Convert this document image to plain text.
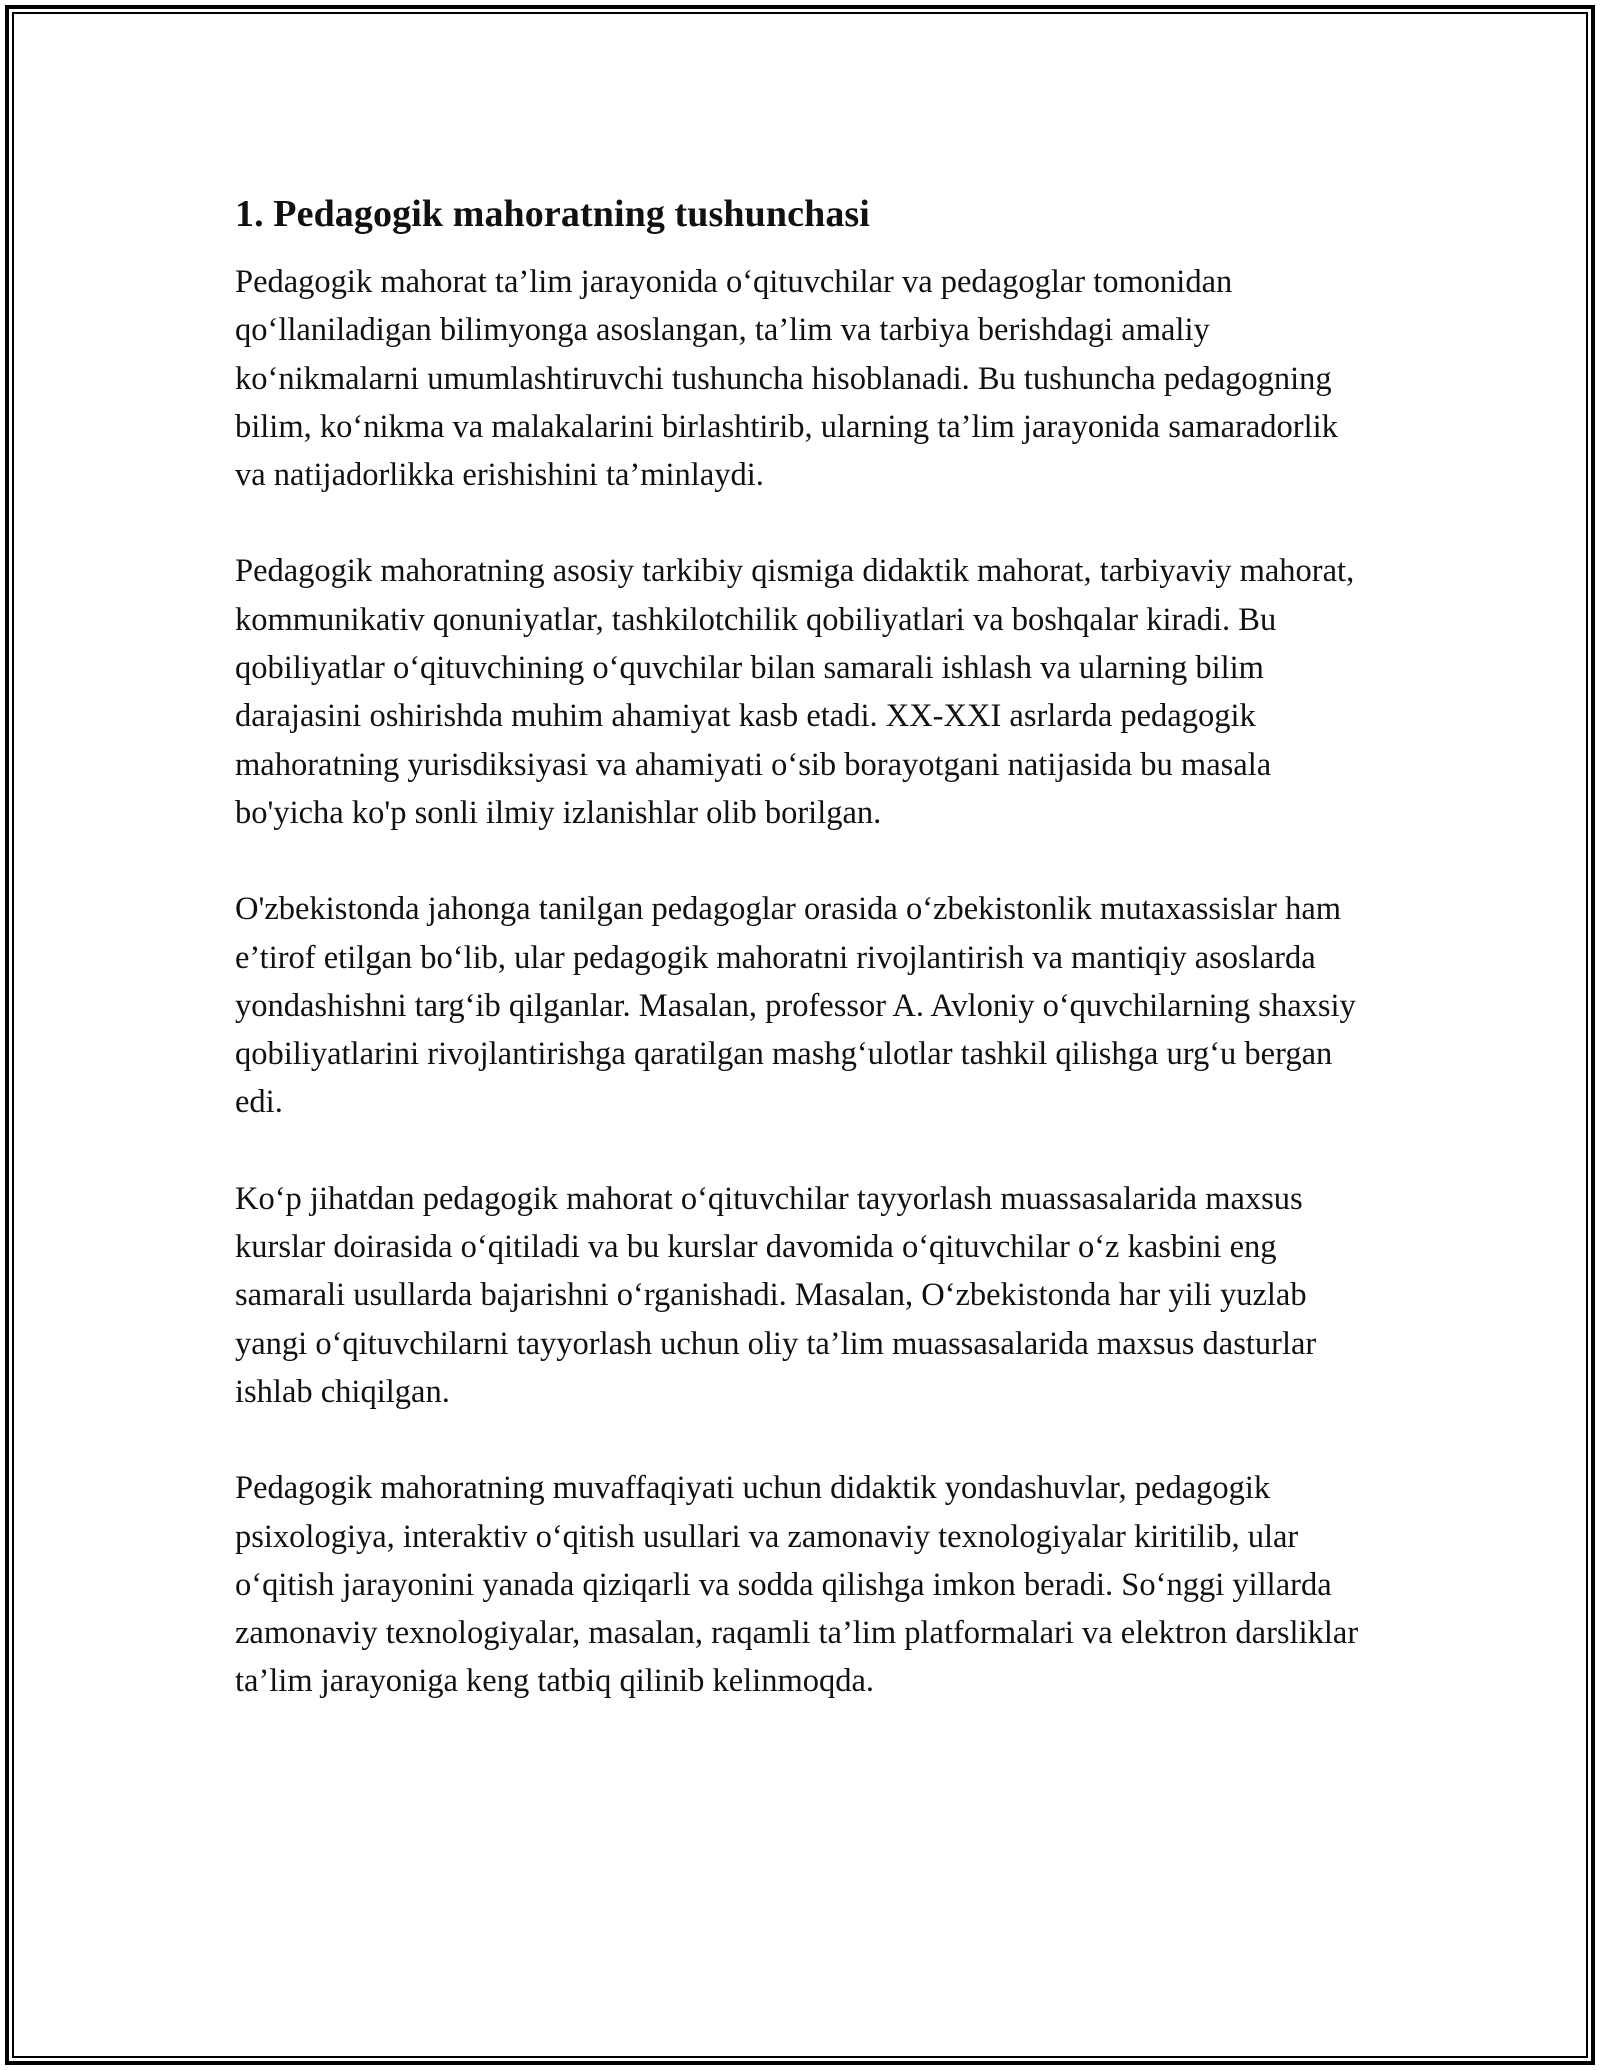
1. Pedagogik mahoratning tushunchasi

Pedagogik mahorat ta’lim jarayonida o‘qituvchilar va pedagoglar tomonidan qo‘llaniladigan bilimyonga asoslangan, ta’lim va tarbiya berishdagi amaliy ko‘nikmalarni umumlashtiruvchi tushuncha hisoblanadi. Bu tushuncha pedagogning bilim, ko‘nikma va malakalarini birlashtirib, ularning ta’lim jarayonida samaradorlik va natijadorlikka erishishini ta’minlaydi.

Pedagogik mahoratning asosiy tarkibiy qismiga didaktik mahorat, tarbiyaviy mahorat, kommunikativ qonuniyatlar, tashkilotchilik qobiliyatlari va boshqalar kiradi. Bu qobiliyatlar o‘qituvchining o‘quvchilar bilan samarali ishlash va ularning bilim darajasini oshirishda muhim ahamiyat kasb etadi. XX-XXI asrlarda pedagogik mahoratning yurisdiksiyasi va ahamiyati o‘sib borayotgani natijasida bu masala bo'yicha ko'p sonli ilmiy izlanishlar olib borilgan.

O'zbekistonda jahonga tanilgan pedagoglar orasida o‘zbekistonlik mutaxassislar ham e’tirof etilgan bo‘lib, ular pedagogik mahoratni rivojlantirish va mantiqiy asoslarda yondashishni targ‘ib qilganlar. Masalan, professor A. Avloniy o‘quvchilarning shaxsiy qobiliyatlarini rivojlantirishga qaratilgan mashg‘ulotlar tashkil qilishga urg‘u bergan edi.

Ko‘p jihatdan pedagogik mahorat o‘qituvchilar tayyorlash muassasalarida maxsus kurslar doirasida o‘qitiladi va bu kurslar davomida o‘qituvchilar o‘z kasbini eng samarali usullarda bajarishni o‘rganishadi. Masalan, O‘zbekistonda har yili yuzlab yangi o‘qituvchilarni tayyorlash uchun oliy ta’lim muassasalarida maxsus dasturlar ishlab chiqilgan.

Pedagogik mahoratning muvaffaqiyati uchun didaktik yondashuvlar, pedagogik psixologiya, interaktiv o‘qitish usullari va zamonaviy texnologiyalar kiritilib, ular o‘qitish jarayonini yanada qiziqarli va sodda qilishga imkon beradi. So‘nggi yillarda zamonaviy texnologiyalar, masalan, raqamli ta’lim platformalari va elektron darsliklar ta’lim jarayoniga keng tatbiq qilinib kelinmoqda.
